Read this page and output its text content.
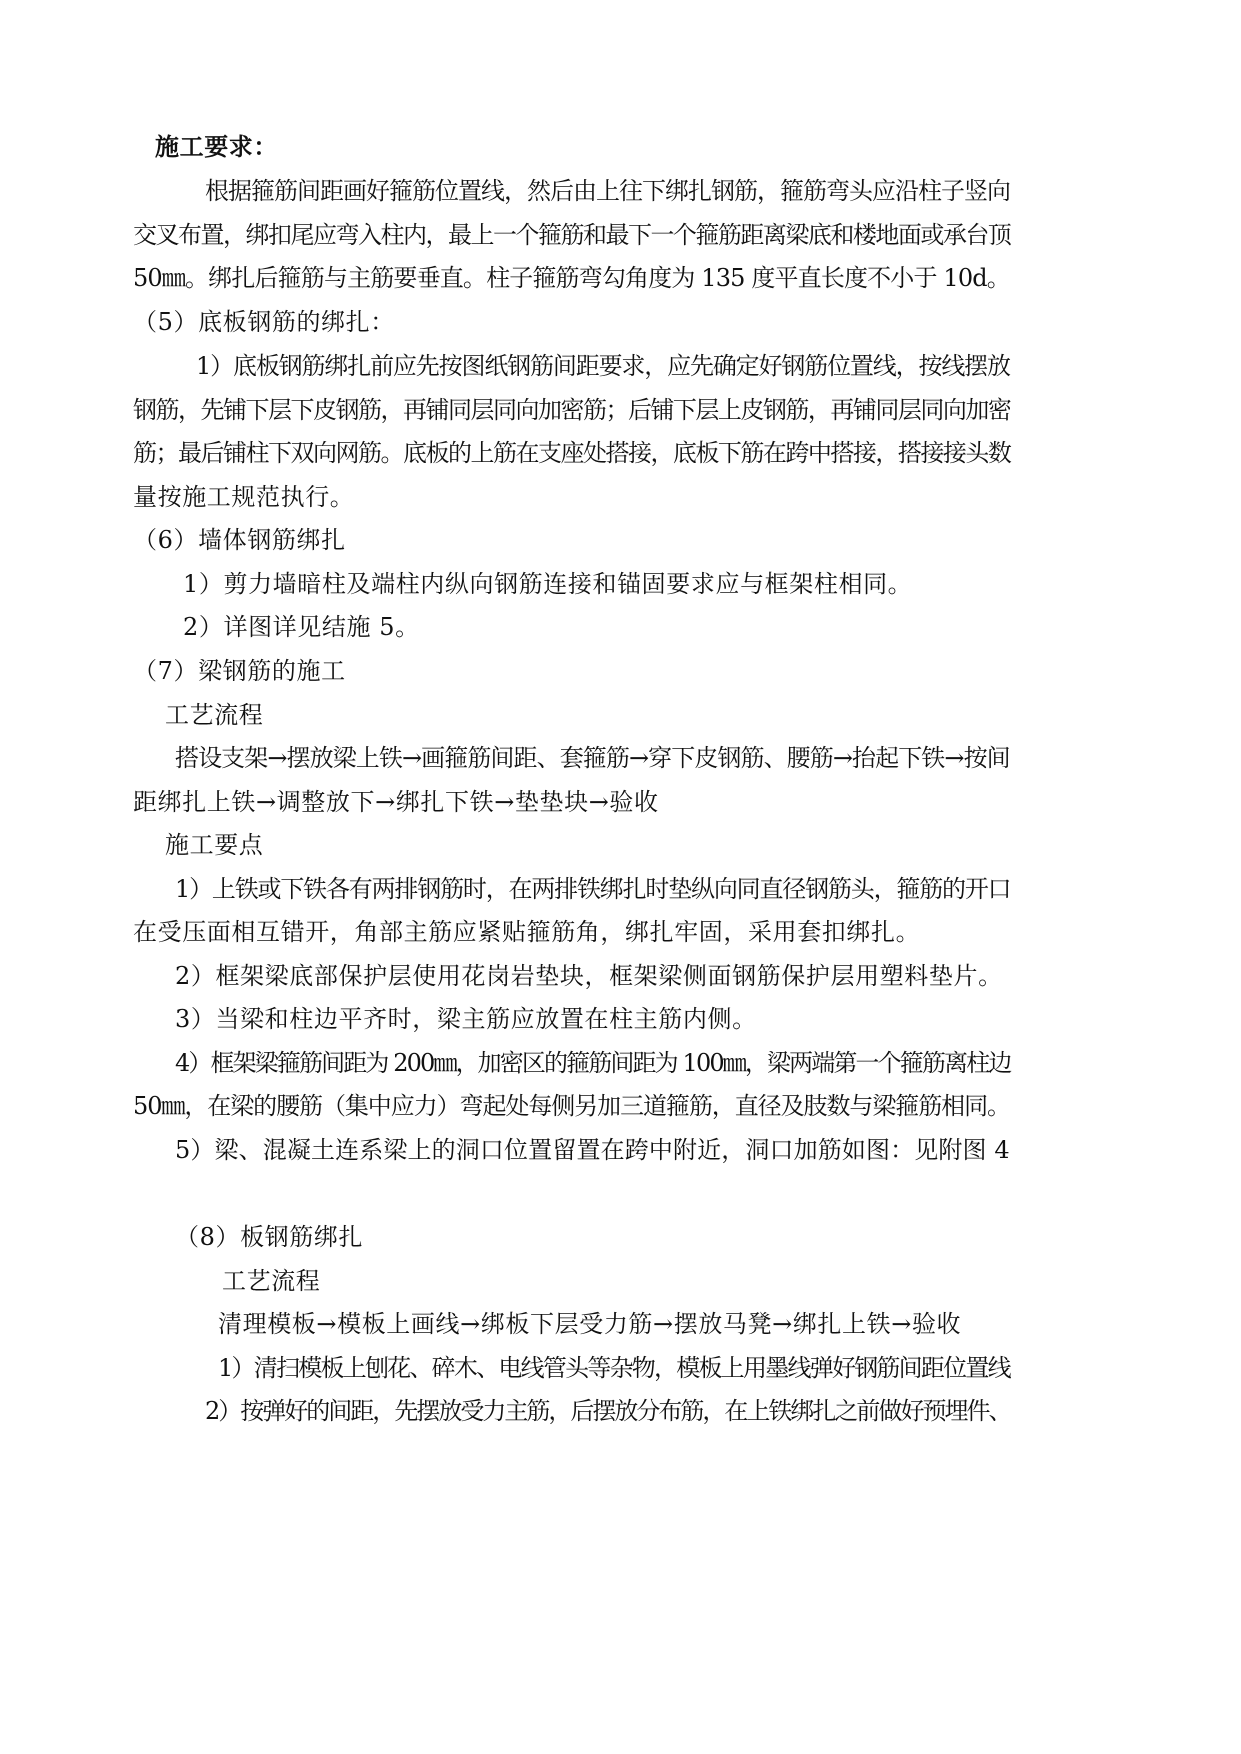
施工要求：
根据箍筋间距画好箍筋位置线，然后由上往下绑扎钢筋，箍筋弯头应沿柱子竖向
交叉布置，绑扣尾应弯入柱内，最上一个箍筋和最下一个箍筋距离梁底和楼地面或承台顶
50㎜。绑扎后箍筋与主筋要垂直。柱子箍筋弯勾角度为 135 度平直长度不小于 10d。
（5）底板钢筋的绑扎：
1）底板钢筋绑扎前应先按图纸钢筋间距要求，应先确定好钢筋位置线，按线摆放
钢筋，先铺下层下皮钢筋，再铺同层同向加密筋；后铺下层上皮钢筋，再铺同层同向加密
筋；最后铺柱下双向网筋。底板的上筋在支座处搭接，底板下筋在跨中搭接，搭接接头数
量按施工规范执行。
（6）墙体钢筋绑扎
1）剪力墙暗柱及端柱内纵向钢筋连接和锚固要求应与框架柱相同。
2）详图详见结施 5。
（7）梁钢筋的施工
工艺流程
搭设支架→摆放梁上铁→画箍筋间距、套箍筋→穿下皮钢筋、腰筋→抬起下铁→按间
距绑扎上铁→调整放下→绑扎下铁→垫垫块→验收
施工要点
1）上铁或下铁各有两排钢筋时，在两排铁绑扎时垫纵向同直径钢筋头，箍筋的开口
在受压面相互错开，角部主筋应紧贴箍筋角，绑扎牢固，采用套扣绑扎。
2）框架梁底部保护层使用花岗岩垫块，框架梁侧面钢筋保护层用塑料垫片。
3）当梁和柱边平齐时，梁主筋应放置在柱主筋内侧。
4）框架梁箍筋间距为 200㎜，加密区的箍筋间距为 100㎜，梁两端第一个箍筋离柱边
50㎜，在梁的腰筋（集中应力）弯起处每侧另加三道箍筋，直径及肢数与梁箍筋相同。
5）梁、混凝土连系梁上的洞口位置留置在跨中附近，洞口加筋如图：见附图 4
（8）板钢筋绑扎
工艺流程
清理模板→模板上画线→绑板下层受力筋→摆放马凳→绑扎上铁→验收
1）清扫模板上刨花、碎木、电线管头等杂物，模板上用墨线弹好钢筋间距位置线
2）按弹好的间距，先摆放受力主筋，后摆放分布筋，在上铁绑扎之前做好预埋件、
